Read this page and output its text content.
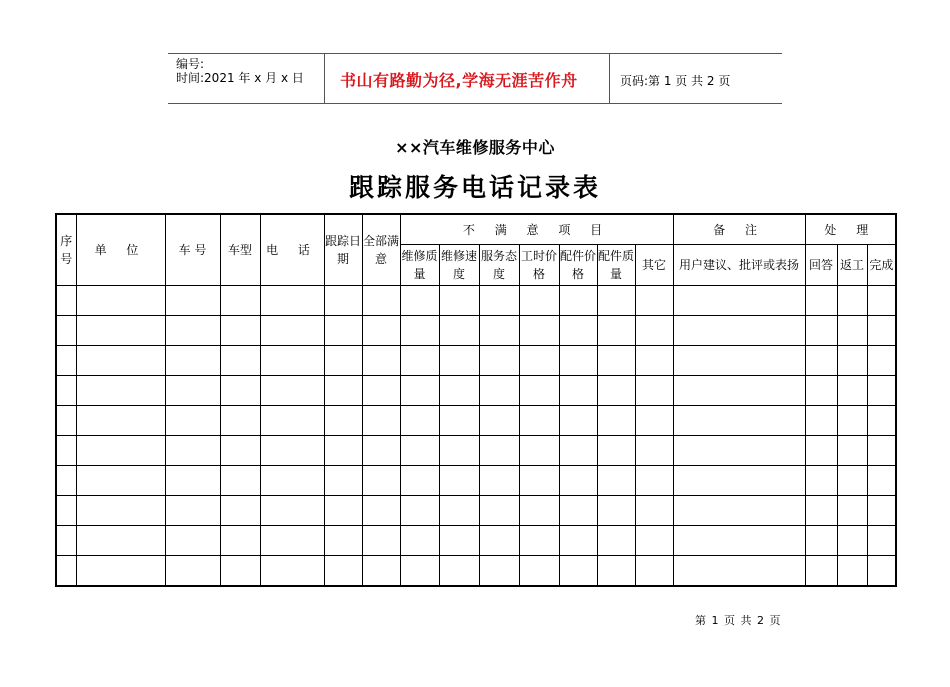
编号:
时间:2021 年 x 月 x 日 书山有路勤为径,学海无涯苦作舟	页码:第 1 页 共 2 页
××汽车维修服务中心
跟踪服务电话记录表
序号	单 位	车 号	车型	电 话	跟踪日期	全部满意	不 满 意 项 目							备 注	处 理		
							维修质量	维修速度	服务态度	工时价格	配件价格	配件质量	其它	用户建议、批评或表扬	回答	返工	完成

第 1 页 共 2 页
